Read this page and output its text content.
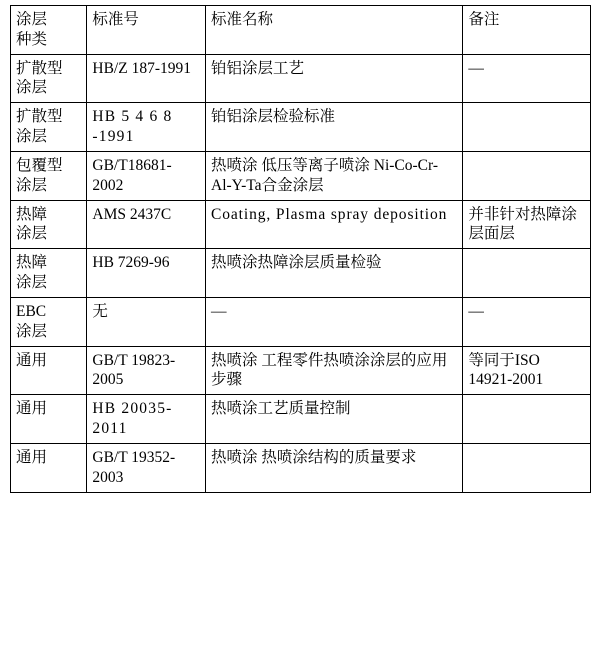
涂层
种类	标准号	标准名称	备注

扩散型
涂层	HB/Z 187-1991	铂铝涂层工艺	—

扩散型
涂层	HB 5 4 6 8 -1991	铂铝涂层检验标准	

包覆型
涂层	GB/T18681-2002	热喷涂 低压等离子喷涂 Ni-Co-Cr-Al-Y-Ta合金涂层	

热障
涂层	AMS 2437C	Coating, Plasma spray deposition	并非针对热障涂层面层

热障
涂层	HB 7269-96	热喷涂热障涂层质量检验	

EBC
涂层	无	—	—

通用	GB/T 19823-2005	热喷涂 工程零件热喷涂涂层的应用步骤	等同于ISO 14921-2001

通用	HB 20035-2011	热喷涂工艺质量控制	

通用	GB/T 19352-2003	热喷涂 热喷涂结构的质量要求	
